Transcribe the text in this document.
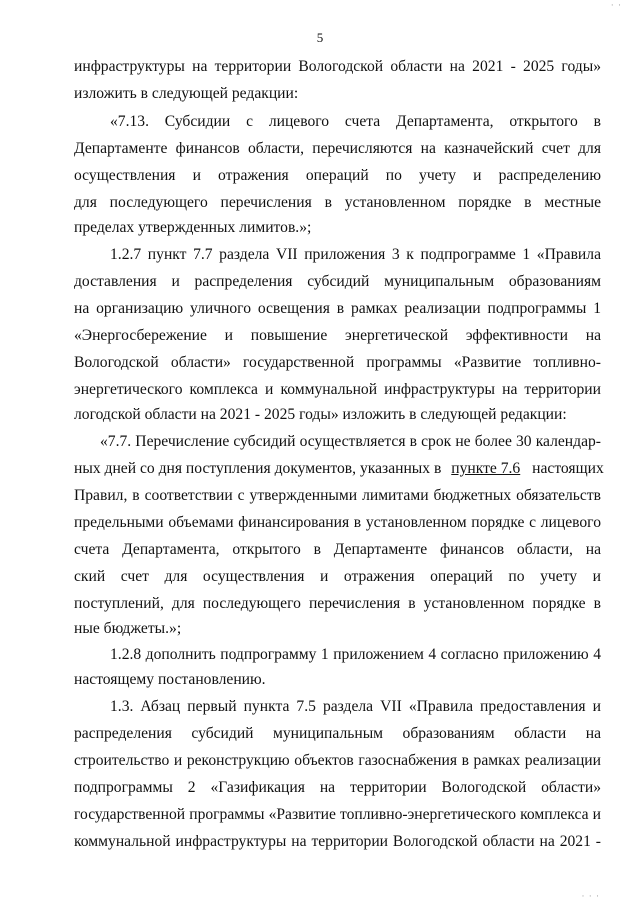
· ·
5
инфраструктуры на территории Вологодской области на 2021 - 2025 годы»
изложить в следующей редакции:
«7.13. Субсидии с лицевого счета Департамента, открытого в
Департаменте финансов области, перечисляются на казначейский счет для
осуществления и отражения операций по учету и распределению
для последующего перечисления в установленном порядке в местные
пределах утвержденных лимитов.»;
1.2.7 пункт 7.7 раздела VII приложения 3 к подпрограмме 1 «Правила
доставления и распределения субсидий муниципальным образованиям
на организацию уличного освещения в рамках реализации подпрограммы 1
«Энергосбережение и повышение энергетической эффективности на
Вологодской области» государственной программы «Развитие топливно-
энергетического комплекса и коммунальной инфраструктуры на территории
логодской области на 2021 - 2025 годы» изложить в следующей редакции:
«7.7. Перечисление субсидий осуществляется в срок не более 30 календар-
ных дней со дня поступления документов, указанных в пункте 7.6 настоящих
Правил, в соответствии с утвержденными лимитами бюджетных обязательств
предельными объемами финансирования в установленном порядке с лицевого
счета Департамента, открытого в Департаменте финансов области, на
ский счет для осуществления и отражения операций по учету и
поступлений, для последующего перечисления в установленном порядке в
ные бюджеты.»;
1.2.8 дополнить подпрограмму 1 приложением 4 согласно приложению 4
настоящему постановлению.
1.3. Абзац первый пункта 7.5 раздела VII «Правила предоставления и
распределения субсидий муниципальным образованиям области на
строительство и реконструкцию объектов газоснабжения в рамках реализации
подпрограммы 2 «Газификация на территории Вологодской области»
государственной программы «Развитие топливно-энергетического комплекса и
коммунальной инфраструктуры на территории Вологодской области на 2021 -
· · ·
